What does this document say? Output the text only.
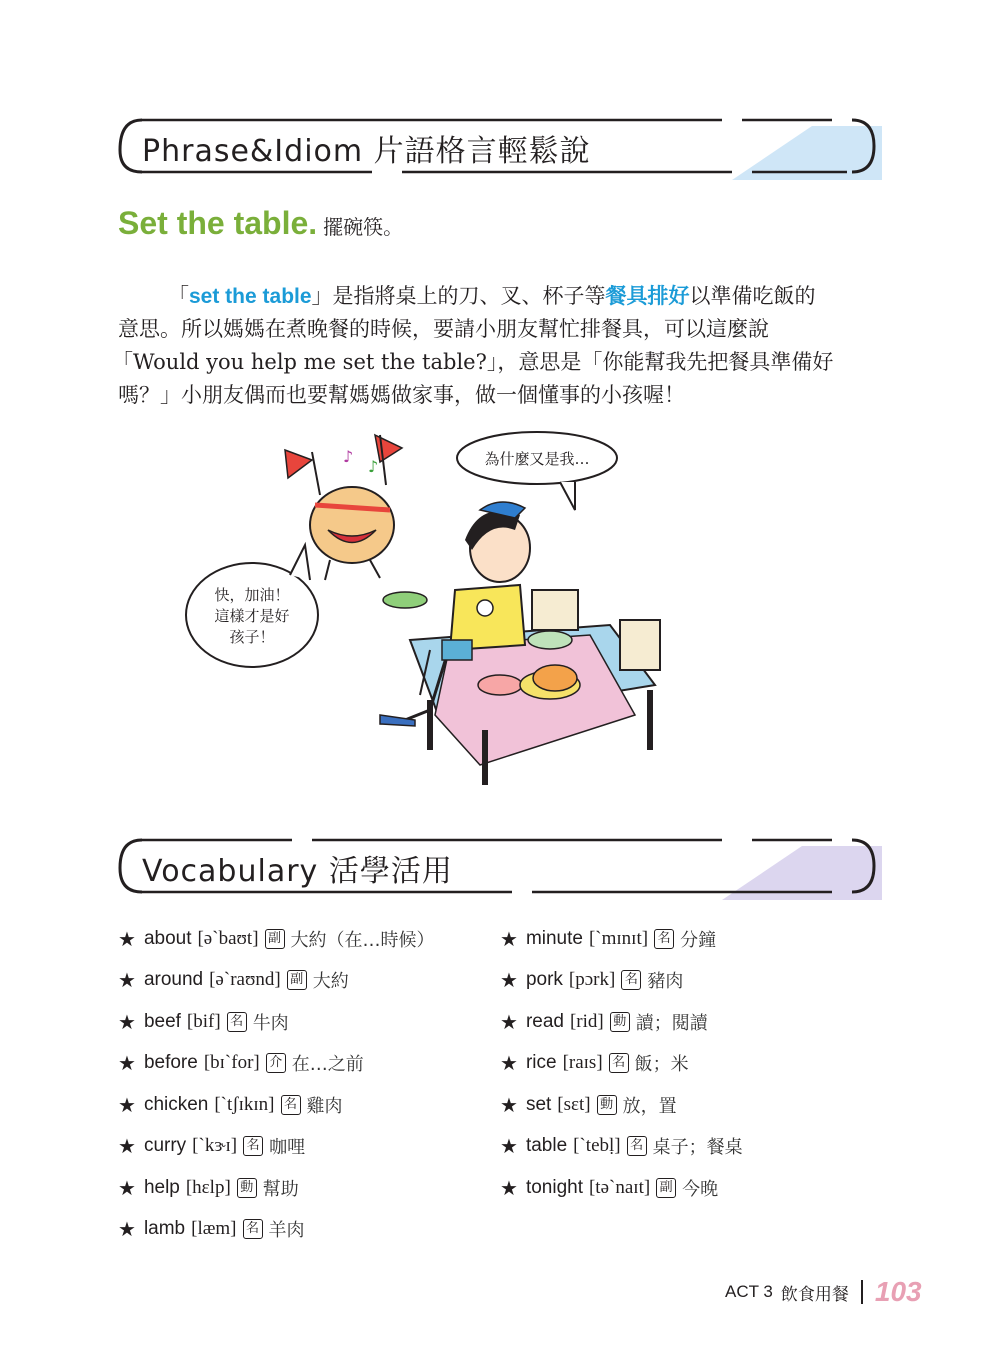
Phrase&Idiom 片語格言輕鬆說
Set the table. 擺碗筷。
「set the table」是指將桌上的刀、叉、杯子等餐具排好以準備吃飯的
意思。所以媽媽在煮晚餐的時候，要請小朋友幫忙排餐具，可以這麼說
「Would you help me set the table?」，意思是「你能幫我先把餐具準備好
嗎？」小朋友偶而也要幫媽媽做家事，做一個懂事的小孩喔！
為什麼又是我…
快，加油！
這樣才是好
孩子！
♪
♪
Vocabulary 活學活用
★ about [ə`baʊt] 副 大約（在…時候）
★ around [ə`raʊnd] 副 大約
★ beef [bif] 名 牛肉
★ before [bɪ`for] 介 在…之前
★ chicken [`tʃɪkɪn] 名 雞肉
★ curry [`kɝɪ] 名 咖哩
★ help [hɛlp] 動 幫助
★ lamb [læm] 名 羊肉
★ minute [`mɪnɪt] 名 分鐘
★ pork [pɔrk] 名 豬肉
★ read [rid] 動 讀；閱讀
★ rice [raɪs] 名 飯；米
★ set [sɛt] 動 放，置
★ table [`tebḷ] 名 桌子；餐桌
★ tonight [tə`naɪt] 副 今晚
ACT 3 飲食用餐 103
